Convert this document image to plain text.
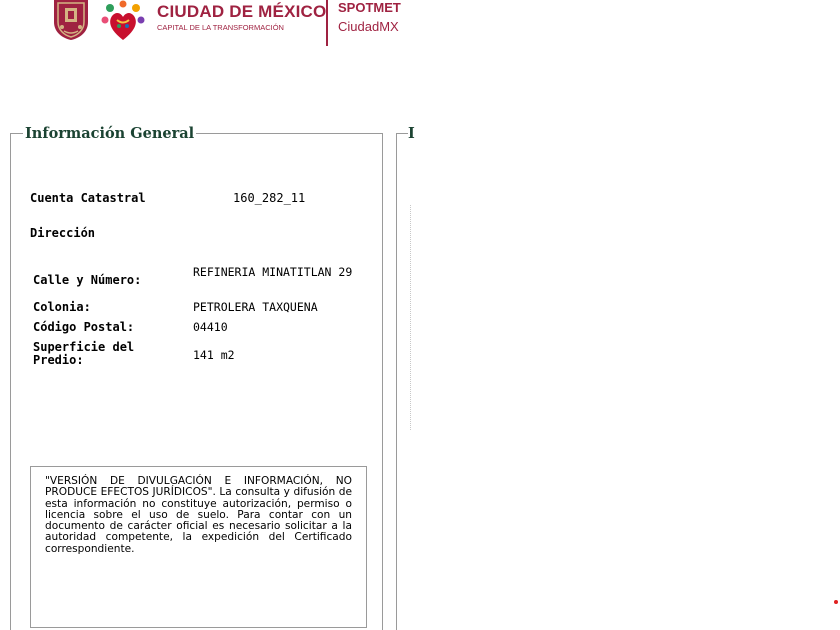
CIUDAD DE MÉXICO
CAPITAL DE LA TRANSFORMACIÓN
SPOTMET
CiudadMX
Información General
Cuenta Catastral	160_282_11
Dirección
Calle y Número:
REFINERIA MINATITLAN 29
Colonia:	PETROLERA TAXQUENA
Código Postal:	04410
Superficie del Predio:	141 m2
"VERSIÓN DE DIVULGACIÓN E INFORMACIÓN, NO PRODUCE EFECTOS JURÍDICOS". La consulta y difusión de esta información no constituye autorización, permiso o licencia sobre el uso de suelo. Para contar con un documento de carácter oficial es necesario solicitar a la autoridad competente, la expedición del Certificado correspondiente.
I
